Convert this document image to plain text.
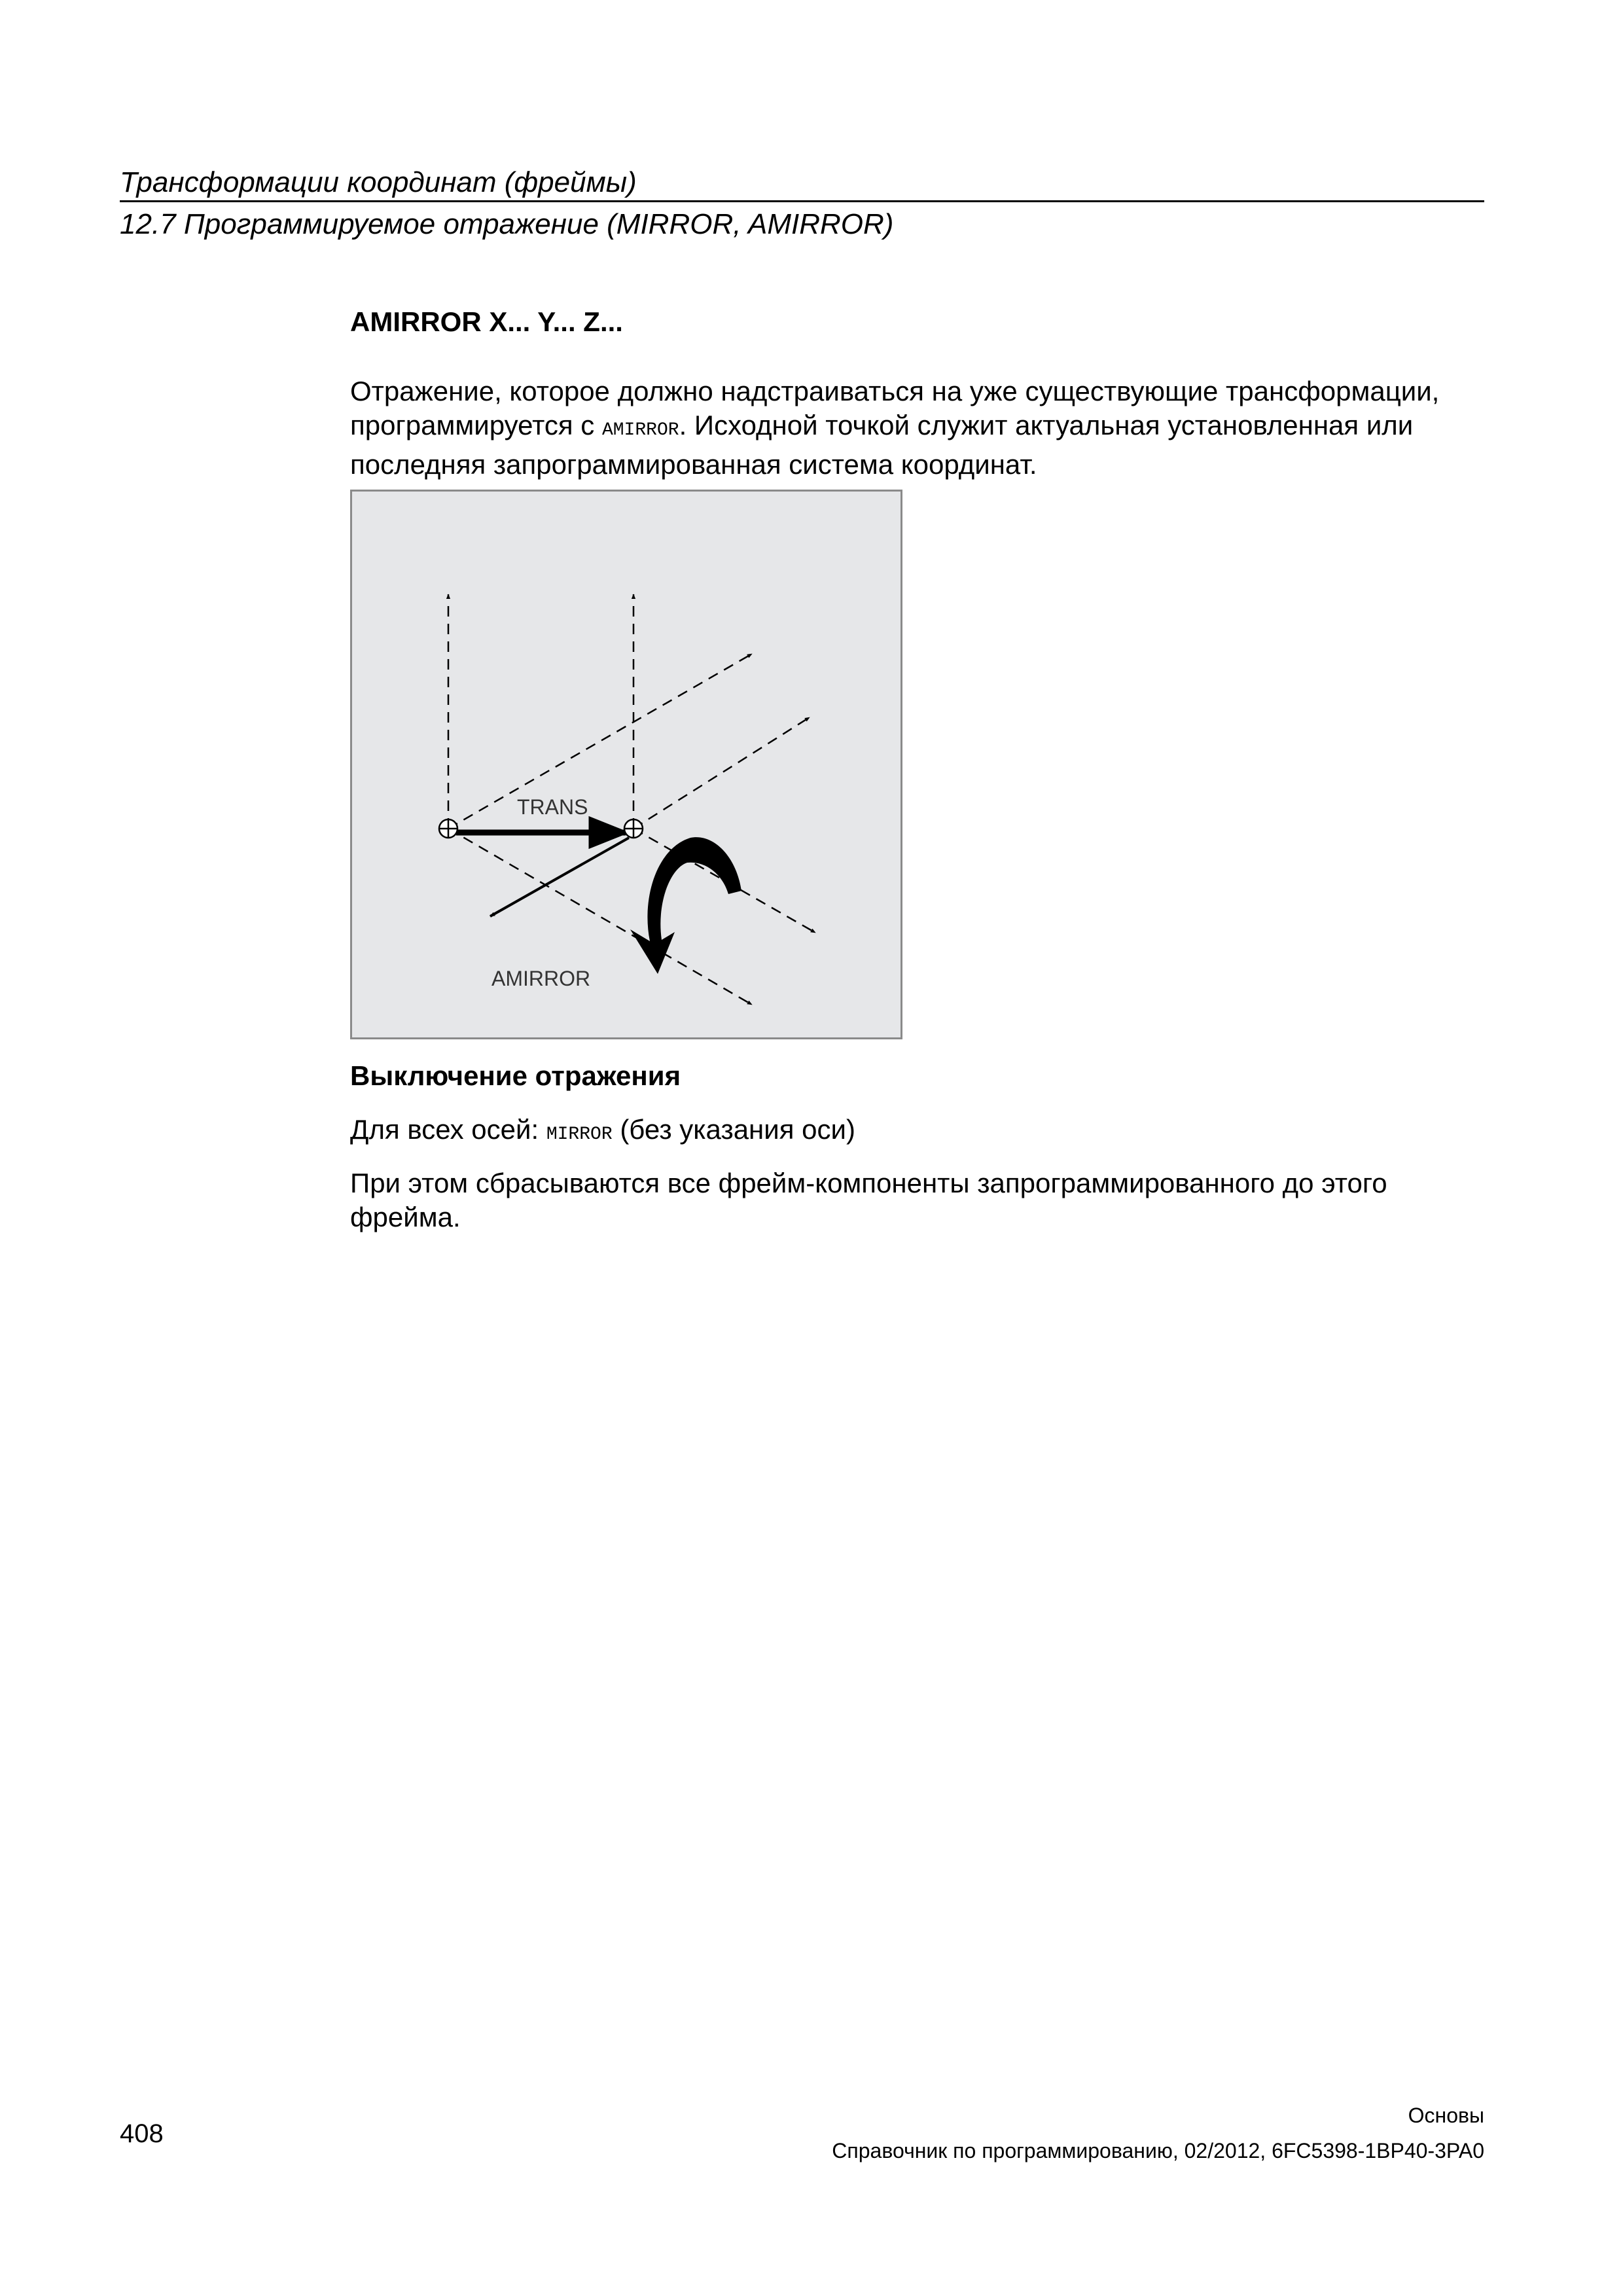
Трансформации координат (фреймы)
12.7 Программируемое отражение (MIRROR, AMIRROR)
AMIRROR X... Y... Z...

Отражение, которое должно надстраиваться на уже существующие трансформации, программируется с AMIRROR. Исходной точкой служит актуальная установленная или последняя запрограммированная система координат.

TRANS
AMIRROR
Выключение отражения

Для всех осей: MIRROR (без указания оси)

При этом сбрасываются все фрейм-компоненты запрограммированного до этого фрейма.

Основы
408
Справочник по программированию, 02/2012, 6FC5398-1BP40-3PA0
